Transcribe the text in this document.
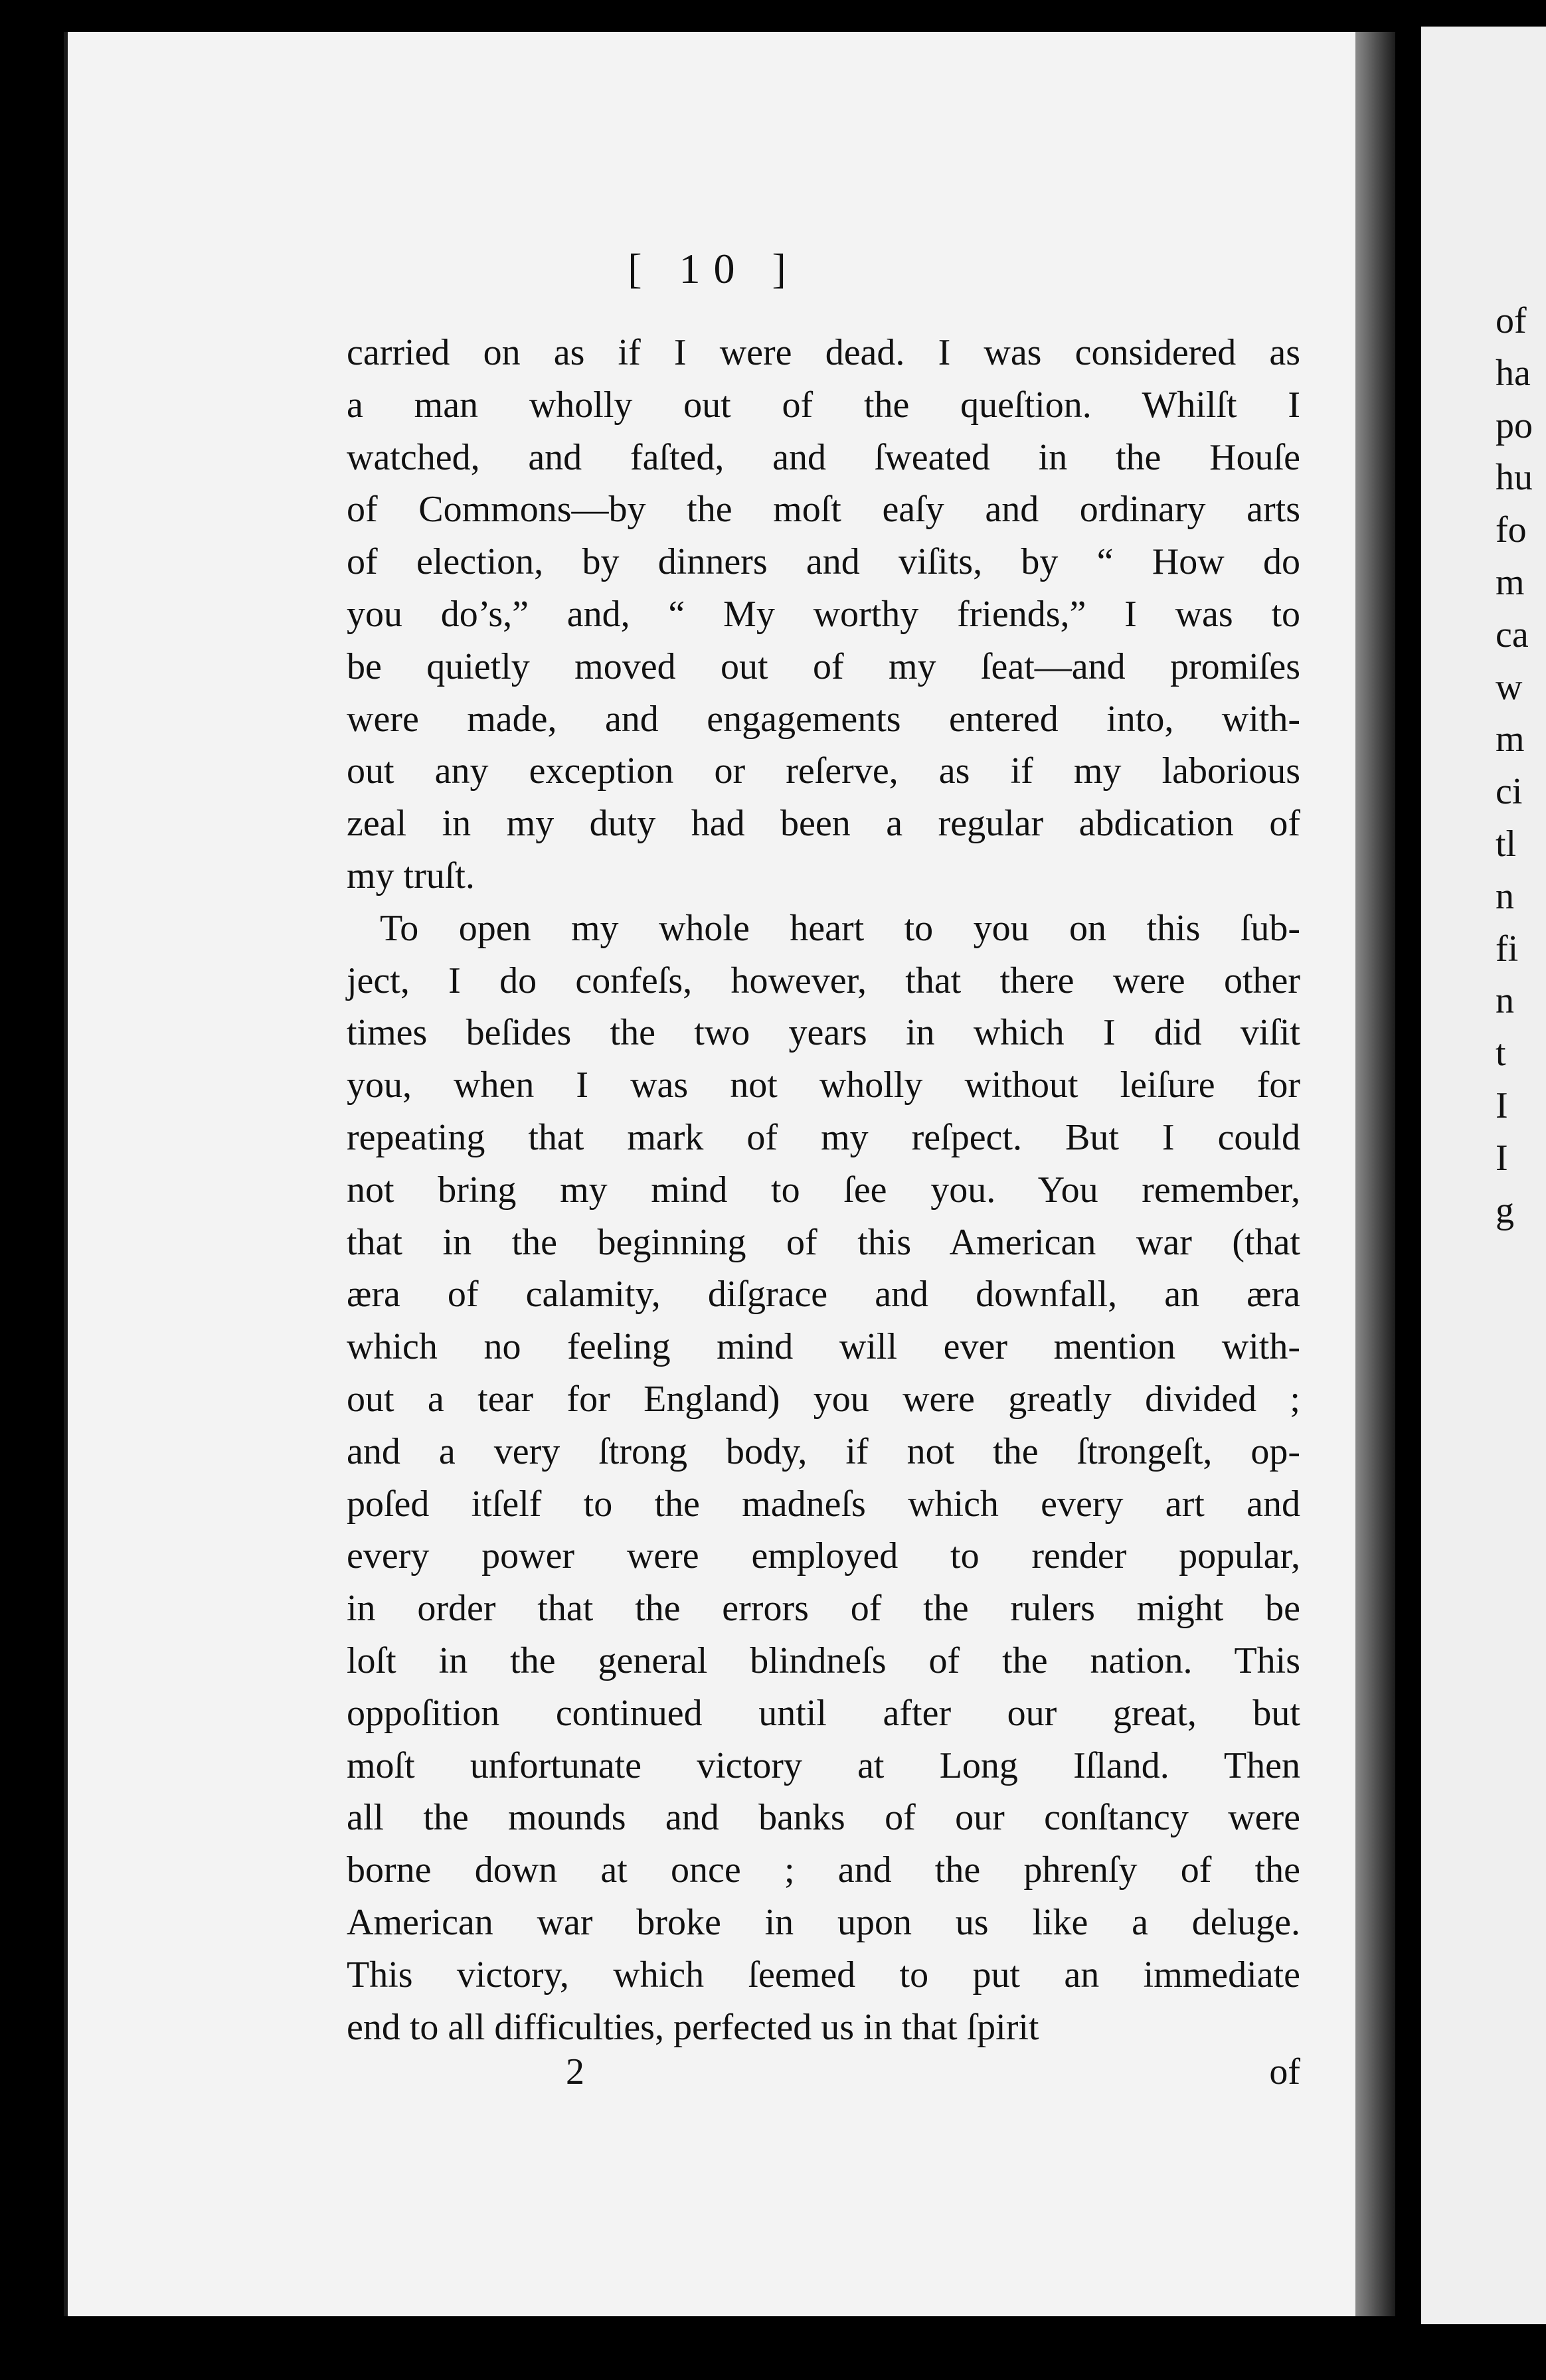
[ 10 ]
carried on as if I were dead. I was considered as
a man wholly out of the queſtion. Whilſt I
watched, and faſted, and ſweated in the Houſe
of Commons—by the moſt eaſy and ordinary arts
of election, by dinners and viſits, by “ How do
you do’s,” and, “ My worthy friends,” I was to
be quietly moved out of my ſeat—and promiſes
were made, and engagements entered into, with-
out any exception or reſerve, as if my laborious
zeal in my duty had been a regular abdication of
my truſt.
To open my whole heart to you on this ſub-
ject, I do confeſs, however, that there were other
times beſides the two years in which I did viſit
you, when I was not wholly without leiſure for
repeating that mark of my reſpect. But I could
not bring my mind to ſee you. You remember,
that in the beginning of this American war (that
æra of calamity, diſgrace and downfall, an æra
which no feeling mind will ever mention with-
out a tear for England) you were greatly divided ;
and a very ſtrong body, if not the ſtrongeſt, op-
poſed itſelf to the madneſs which every art and
every power were employed to render popular,
in order that the errors of the rulers might be
loſt in the general blindneſs of the nation. This
oppoſition continued until after our great, but
moſt unfortunate victory at Long Iſland. Then
all the mounds and banks of our conſtancy were
borne down at once ; and the phrenſy of the
American war broke in upon us like a deluge.
This victory, which ſeemed to put an immediate
end to all difficulties, perfected us in that ſpirit
2	of
of
ha
po
hu
fo
m
ca
w
m
ci
tl
n
fi
n
t
I
I
g
